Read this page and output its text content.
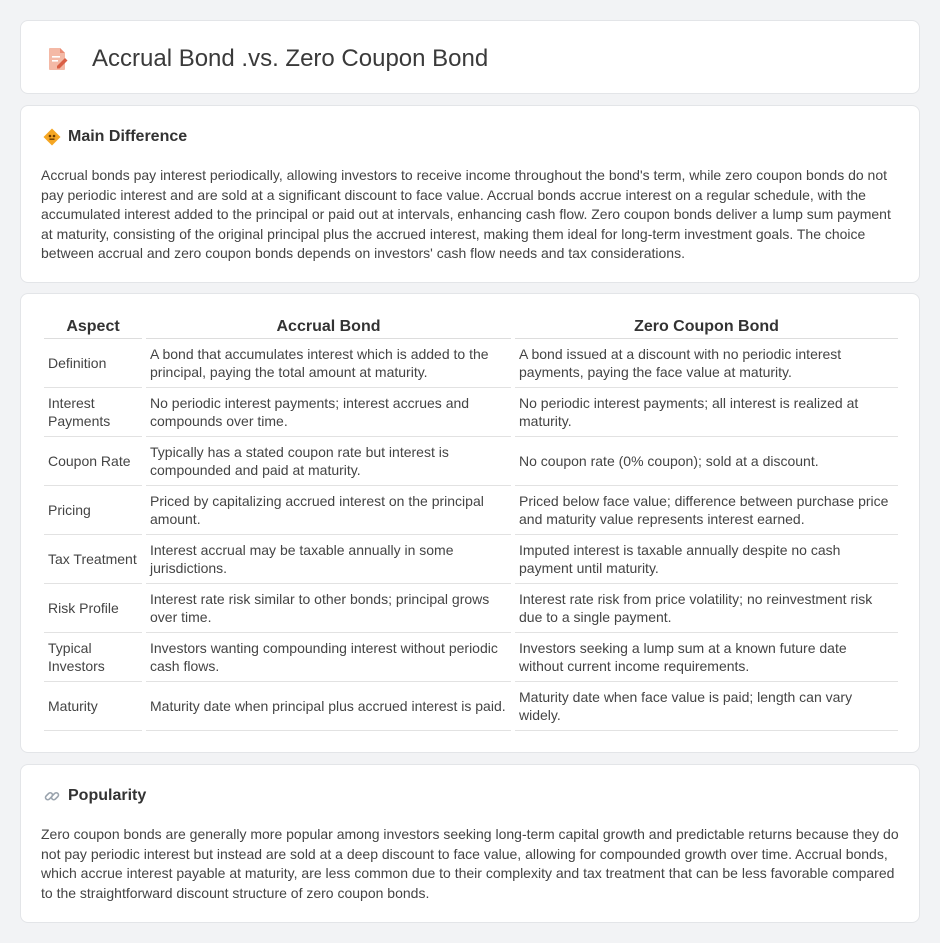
Accrual Bond .vs. Zero Coupon Bond
Main Difference

Accrual bonds pay interest periodically, allowing investors to receive income throughout the bond's term, while zero coupon bonds do not pay periodic interest and are sold at a significant discount to face value. Accrual bonds accrue interest on a regular schedule, with the accumulated interest added to the principal or paid out at intervals, enhancing cash flow. Zero coupon bonds deliver a lump sum payment at maturity, consisting of the original principal plus the accrued interest, making them ideal for long-term investment goals. The choice between accrual and zero coupon bonds depends on investors' cash flow needs and tax considerations.

Aspect	Accrual Bond	Zero Coupon Bond
Definition	A bond that accumulates interest which is added to the principal, paying the total amount at maturity.	A bond issued at a discount with no periodic interest payments, paying the face value at maturity.
Interest Payments	No periodic interest payments; interest accrues and compounds over time.	No periodic interest payments; all interest is realized at maturity.
Coupon Rate	Typically has a stated coupon rate but interest is compounded and paid at maturity.	No coupon rate (0% coupon); sold at a discount.
Pricing	Priced by capitalizing accrued interest on the principal amount.	Priced below face value; difference between purchase price and maturity value represents interest earned.
Tax Treatment	Interest accrual may be taxable annually in some jurisdictions.	Imputed interest is taxable annually despite no cash payment until maturity.
Risk Profile	Interest rate risk similar to other bonds; principal grows over time.	Interest rate risk from price volatility; no reinvestment risk due to a single payment.
Typical Investors	Investors wanting compounding interest without periodic cash flows.	Investors seeking a lump sum at a known future date without current income requirements.
Maturity	Maturity date when principal plus accrued interest is paid.	Maturity date when face value is paid; length can vary widely.
Popularity

Zero coupon bonds are generally more popular among investors seeking long-term capital growth and predictable returns because they do not pay periodic interest but instead are sold at a deep discount to face value, allowing for compounded growth over time. Accrual bonds, which accrue interest payable at maturity, are less common due to their complexity and tax treatment that can be less favorable compared to the straightforward discount structure of zero coupon bonds.
